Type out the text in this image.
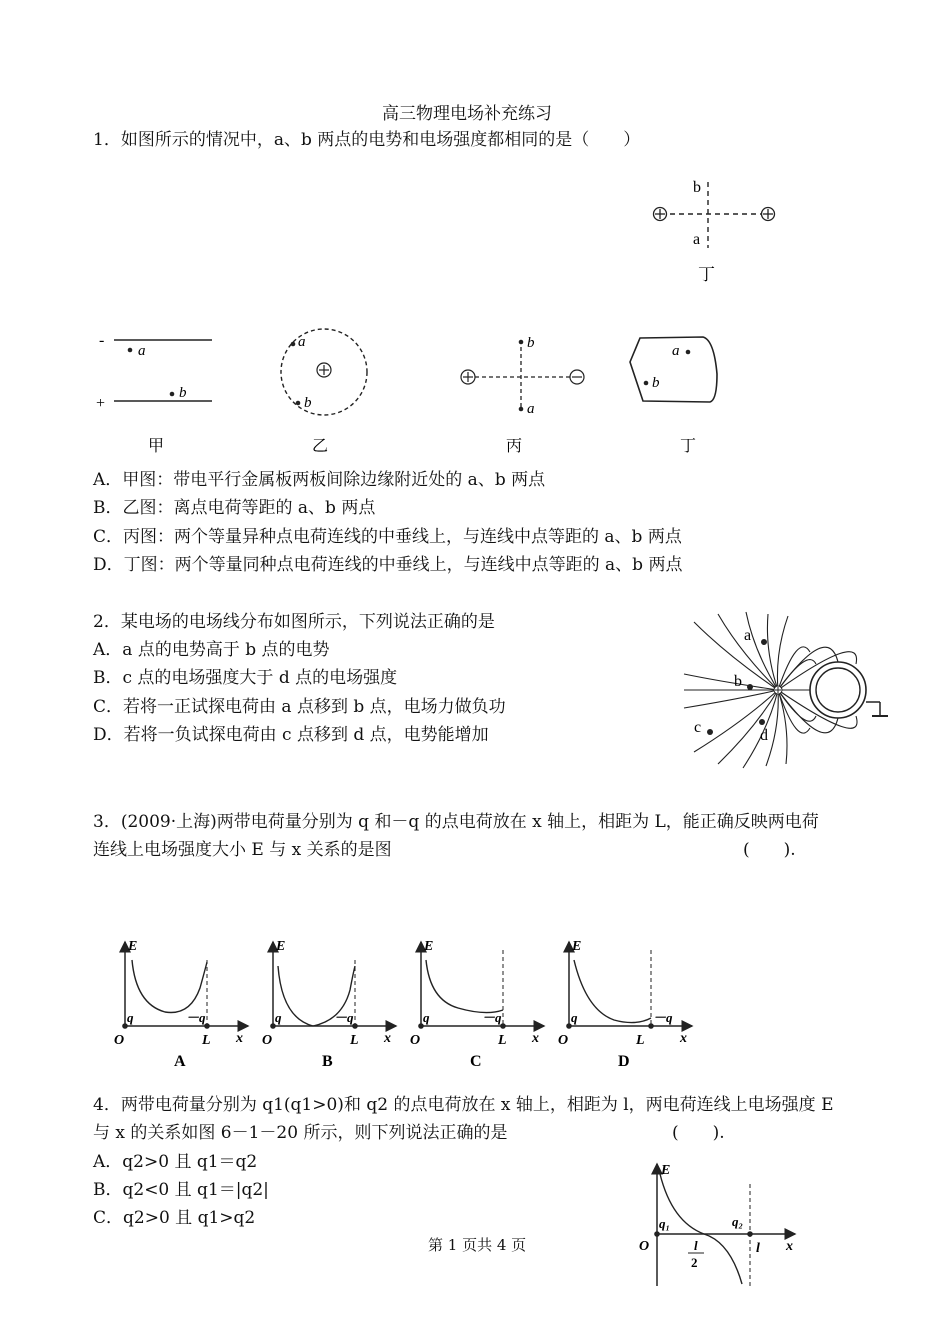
高三物理电场补充练习
1．如图所示的情况中，a、b 两点的电势和电场强度都相同的是（　　）
b
a
丁
-
+
a
b
甲
a
b
乙
b
a
丙
a
b
丁
A．甲图：带电平行金属板两板间除边缘附近处的 a、b 两点
B．乙图：离点电荷等距的 a、b 两点
C．丙图：两个等量异种点电荷连线的中垂线上，与连线中点等距的 a、b 两点
D．丁图：两个等量同种点电荷连线的中垂线上，与连线中点等距的 a、b 两点
2．某电场的电场线分布如图所示，下列说法正确的是
A．a 点的电势高于 b 点的电势
B．c 点的电场强度大于 d 点的电场强度
C．若将一正试探电荷由 a 点移到 b 点，电场力做负功
D．若将一负试探电荷由 c 点移到 d 点，电势能增加
a
b
c	d
3．(2009·上海)两带电荷量分别为 q 和－q 的点电荷放在 x 轴上，相距为 L，能正确反映两电荷
连线上电场强度大小 E 与 x 关系的是图	(　　).
E
O	L x
q	－q
A
E
O	L x
q	－q
B
E
O	L x
q	－q
C
E
O	L	x
q	－q
D
4．两带电荷量分别为 q1(q1>0)和 q2 的点电荷放在 x 轴上，相距为 l，两电荷连线上电场强度 E
与 x 的关系如图 6－1－20 所示，则下列说法正确的是	(　　).
A．q2>0 且 q1＝q2
B．q2<0 且 q1＝|q2|
C．q2>0 且 q1>q2
E
O
q₁	q₂
l x
l
2
第 1 页共 4 页
